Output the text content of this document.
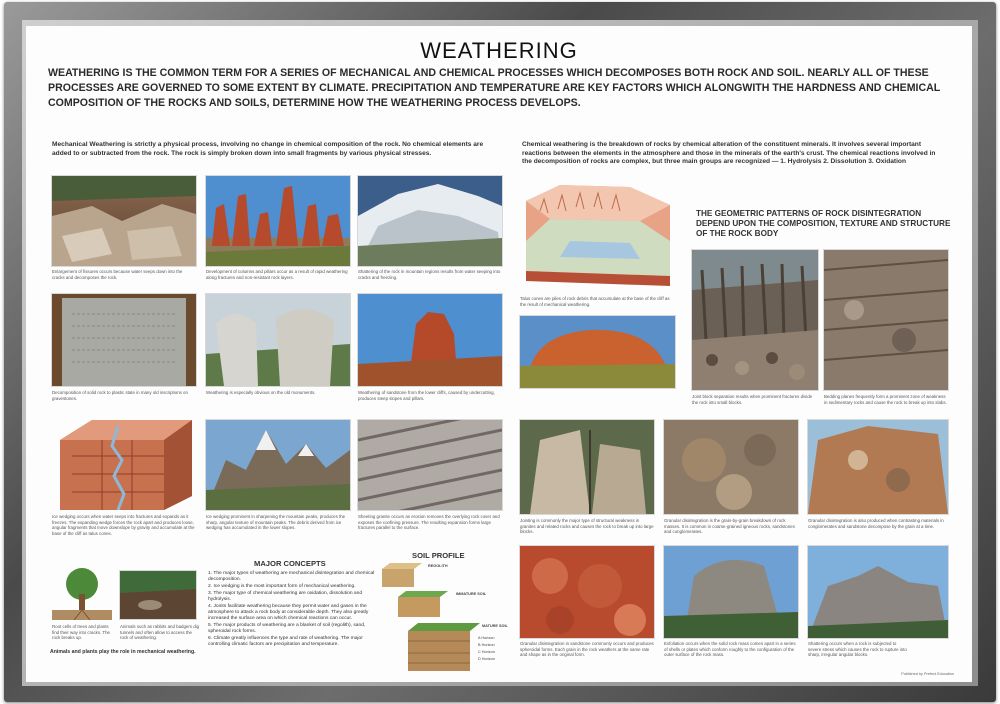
WEATHERING
WEATHERING IS THE COMMON TERM FOR A SERIES OF MECHANICAL AND CHEMICAL PROCESSES WHICH DECOMPOSES BOTH ROCK AND SOIL. NEARLY ALL OF THESE PROCESSES ARE GOVERNED TO SOME EXTENT BY CLIMATE. PRECIPITATION AND TEMPERATURE ARE KEY FACTORS WHICH ALONGWITH THE HARDNESS AND CHEMICAL COMPOSITION OF THE ROCKS AND SOILS, DETERMINE HOW THE WEATHERING PROCESS DEVELOPS.
Mechanical Weathering is strictly a physical process, involving no change in chemical composition of the rock. No chemical elements are added to or subtracted from the rock. The rock is simply broken down into small fragments by various physical stresses.
Chemical weathering is the breakdown of rocks by chemical alteration of the constituent minerals. It involves several important reactions between the elements in the atmosphere and those in the minerals of the earth's crust. The chemical reactions involved in the decomposition of rocks are complex, but three main groups are recognized — 1. Hydrolysis 2. Dissolution 3. Oxidation
Enlargement of fissures occurs because water seeps down into the cracks and decomposes the rock.
Development of columns and pillars occur as a result of rapid weathering along fractures and non-resistant rock layers.
Shattering of the rock in mountain regions results from water seeping into cracks and freezing.
Talus cones are piles of rock debris that accumulate at the base of the cliff as the result of mechanical weathering.
THE GEOMETRIC PATTERNS OF ROCK DISINTEGRATION DEPEND UPON THE COMPOSITION, TEXTURE AND STRUCTURE OF THE ROCK BODY
Joint block separation results when prominent fractures divide the rock into small blocks.
Bedding planes frequently form a prominent zone of weakness in sedimentary rocks and cause the rock to break up into slabs.
Decomposition of solid rock to plastic state in many old inscriptions on gravestones.
Weathering is especially obvious on the old monuments.	Weathering of sandstone from the lower cliffs, caused by undercutting, produces steep slopes and pillars.
Ice wedging occurs when water seeps into fractures and expands as it freezes. The expanding wedge forces the rock apart and produces loose, angular fragments that move downslope by gravity and accumulate at the base of the cliff as talus cones.
Ice wedging prominent in sharpening the mountain peaks, produces the sharp, angular texture of mountain peaks. The debris derived from ice wedging has accumulated in the lower slopes.
Sheeting granite occurs as erosion removes the overlying rock cover and exposes the confining pressure. The resulting expansion forms large fractures parallel to the surface.
Jointing is commonly the major type of structural weakness in granites and related rocks and causes the rock to break up into large blocks.
Granular disintegration is the grain-by-grain breakdown of rock masses. It is common in coarse-grained igneous rocks, sandstones and conglomerates.
Granular disintegration is also produced when contrasting materials in conglomerates and sandstone decompose by the grain at a time.
Root cells of trees and plants find their way into cracks. The rock breaks up.
Animals such as rabbits and badgers dig tunnels and often allow to access the rock of weathering.
Animals and plants play the role in mechanical weathering.
MAJOR CONCEPTS
1. The major types of weathering are mechanical disintegration and chemical decomposition.
2. Ice wedging is the most important form of mechanical weathering.
3. The major type of chemical weathering are oxidation, dissolution and hydrolysis.
4. Joints facilitate weathering because they permit water and gases in the atmosphere to attack a rock body at considerable depth. They also greatly increased the surface area on which chemical reactions can occur.
5. The major products of weathering are a blanket of soil (regolith), sand, spheroidal rock forms.
6. Climate greatly influences the type and rate of weathering. The major controlling climatic factors are precipitation and temperature.
SOIL PROFILE
REGOLITH
IMMATURE SOIL
MATURE SOIL
A Horizon
B Horizon
C Horizon
D Horizon
Granular disintegration in sandstone commonly occurs and produces spheroidal forms. Each grain in the rock weathers at the same rate and shape as in the original form.
Exfoliation occurs when the solid rock mass comes apart in a series of shells or plates which conform roughly to the configuration of the outer surface of the rock mass.
Shattering occurs when a rock is subjected to severe stress which causes the rock to rupture into sharp, irregular angular blocks.
Published by Prefect Education
